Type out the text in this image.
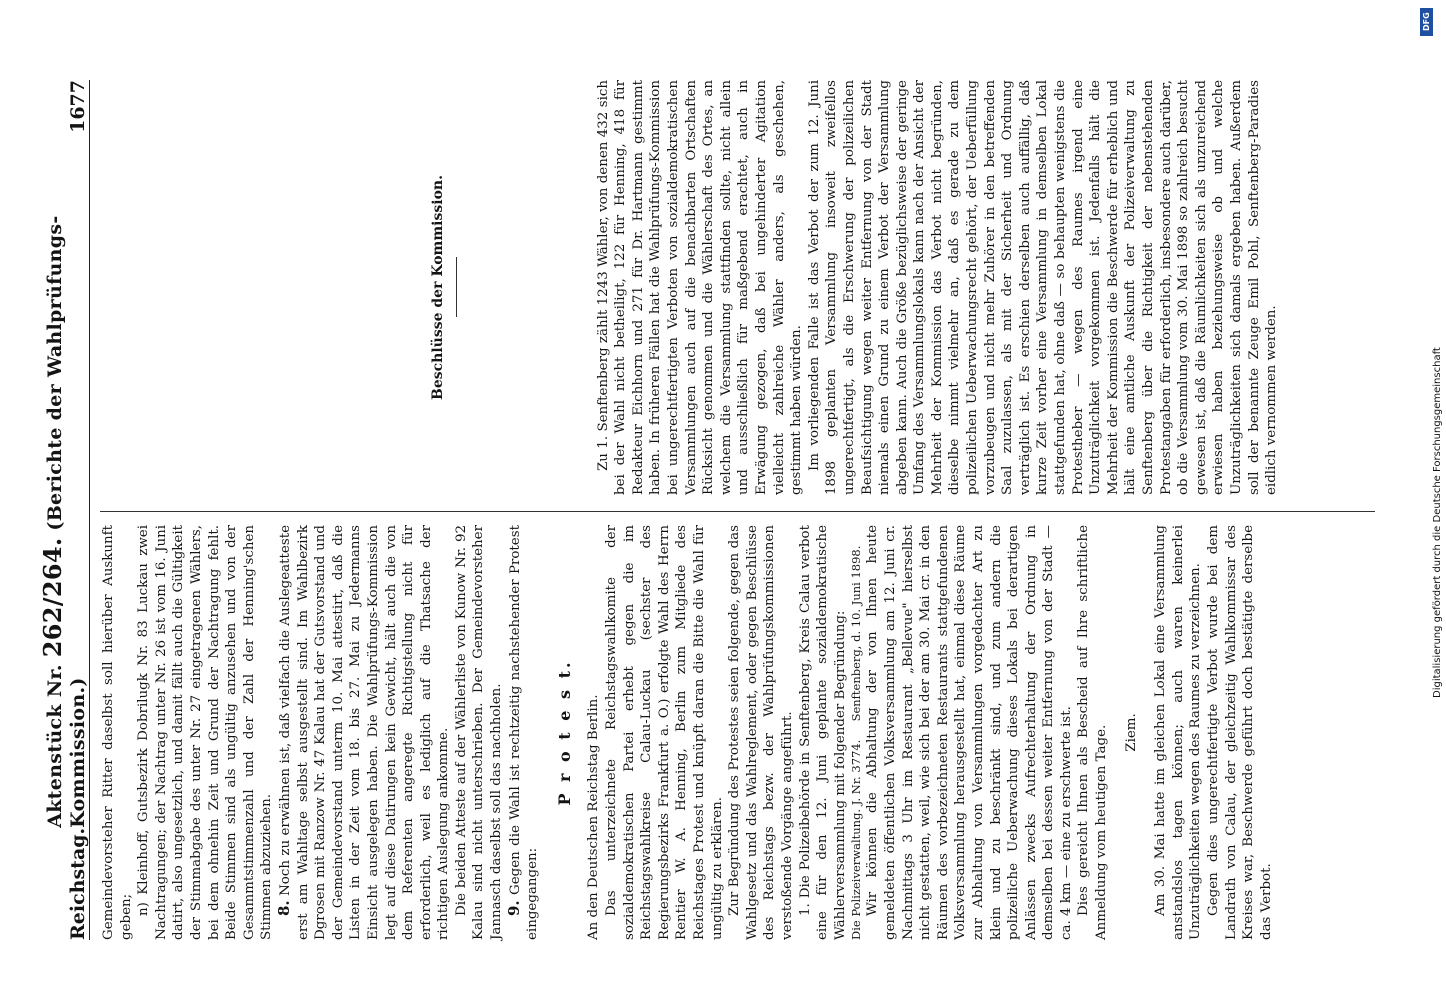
Reichstag.
Aktenstück Nr. 262/264. (Berichte der Wahlprüfungs-Kommission.)
1677

Gemeindevorsteher Ritter daselbst soll hierüber Auskunft geben;

n) Kleinhoff, Gutsbezirk Dobrilugk Nr. 83 Luckau zwei Nachtragungen; der Nachtrag unter Nr. 26 ist vom 16. Juni datirt, also ungesetzlich, und damit fällt auch die Gültigkeit der Stimmabgabe des unter Nr. 27 eingetragenen Wählers, bei dem ohnehin Zeit und Grund der Nachtragung fehlt. Beide Stimmen sind als ungültig anzusehen und von der Gesammtstimmenzahl und der Zahl der Henning'schen Stimmen abzuziehen. 8. Noch zu erwähnen ist, daß vielfach die Auslegeatteste erst am Wahltage selbst ausgestellt sind. Im Wahlbezirk Dgrosen mit Ranzow Nr. 47 Kalau hat der Gutsvorstand und der Gemeindevorstand unterm 10. Mai attestirt, daß die Listen in der Zeit vom 18. bis 27. Mai zu Jedermanns Einsicht ausgelegen haben. Die Wahlprüfungs-Kommission legt auf diese Datirungen kein Gewicht, hält auch die von dem Referenten angeregte Richtigstellung nicht für erforderlich, weil es lediglich auf die Thatsache der richtigen Auslegung ankomme. Die beiden Atteste auf der Wählerliste von Kunow Nr. 92 Kalau sind nicht unterschrieben. Der Gemeindevorsteher Jannasch daselbst soll das nachholen. 9. Gegen die Wahl ist rechtzeitig nachstehender Protest eingegangen:

P r o t e s t. An den Deutschen Reichstag Berlin. Das unterzeichnete Reichstagswahlkomite der sozialdemokratischen Partei erhebt gegen die im Reichstagswahlkreise Calau-Luckau (sechster des Regierungsbezirks Frankfurt a. O.) erfolgte Wahl des Herrn Rentier W. A. Henning, Berlin zum Mitgliede des Reichstages Protest und knüpft daran die Bitte die Wahl für ungültig zu erklären. Zur Begründung des Protestes seien folgende, gegen das Wahlgesetz und das Wahlreglement, oder gegen Beschlüsse des Reichstags bezw. der Wahlprüfungskommissionen verstoßende Vorgänge angeführt. 1. Die Polizeibehörde in Senftenberg, Kreis Calau verbot eine für den 12. Juni geplante sozialdemokratische Wählerversammlung mit folgender Begründung: Die Polizeiverwaltung. J. Nr. 3774.     Senftenberg, d. 10. Juni 1898. Wir können die Abhaltung der von Ihnen heute gemeldeten öffentlichen Volksversammlung am 12. Juni cr. Nachmittags 3 Uhr im Restaurant „Bellevue" hierselbst nicht gestatten, weil, wie sich bei der am 30. Mai cr. in den Räumen des vorbezeichneten Restaurants stattgefundenen Volksversammlung herausgestellt hat, einmal diese Räume zur Abhaltung von Versammlungen vorgedachter Art zu klein und zu beschränkt sind, und zum andern die polizeiliche Ueberwachung dieses Lokals bei derartigen Anlässen zwecks Aufrechterhaltung der Ordnung in demselben bei dessen weiter Entfernung von der Stadt — ca. 4 km — eine zu erschwerte ist. Dies gereicht Ihnen als Bescheid auf Ihre schriftliche Anmeldung vom heutigen Tage. Ziem. Am 30. Mai hatte im gleichen Lokal eine Versammlung anstandslos tagen können; auch waren keinerlei Unzuträglichkeiten wegen des Raumes zu verzeichnen. Gegen dies ungerechtfertigte Verbot wurde bei dem Landrath von Calau, der gleichzeitig Wahlkommissar des Kreises war, Beschwerde geführt doch bestätigte derselbe das Verbot.

Beschlüsse der Kommission.	Zu 1. Senftenberg zählt 1243 Wähler, von denen 432 sich bei der Wahl nicht betheiligt, 122 für Henning, 418 für Redakteur Eichhorn und 271 für Dr. Hartmann gestimmt haben. In früheren Fällen hat die Wahlprüfungs-Kommission bei ungerechtfertigten Verboten von sozialdemokratischen Versammlungen auch auf die benachbarten Ortschaften Rücksicht genommen und die Wählerschaft des Ortes, an welchem die Versammlung stattfinden sollte, nicht allein und ausschließlich für maßgebend erachtet, auch in Erwägung gezogen, daß bei ungehinderter Agitation vielleicht zahlreiche Wähler anders, als geschehen, gestimmt haben würden. Im vorliegenden Falle ist das Verbot der zum 12. Juni 1898 geplanten Versammlung insoweit zweifellos ungerechtfertigt, als die Erschwerung der polizeilichen Beaufsichtigung wegen weiter Entfernung von der Stadt niemals einen Grund zu einem Verbot der Versammlung abgeben kann. Auch die Größe bezüglichsweise der geringe Umfang des Versammlungslokals kann nach der Ansicht der Mehrheit der Kommission das Verbot nicht begründen, dieselbe nimmt vielmehr an, daß es gerade zu dem polizeilichen Ueberwachungsrecht gehört, der Ueberfüllung vorzubeugen und nicht mehr Zuhörer in den betreffenden Saal zuzulassen, als mit der Sicherheit und Ordnung verträglich ist. Es erschien derselben auch auffällig, daß kurze Zeit vorher eine Versammlung in demselben Lokal stattgefunden hat, ohne daß — so behaupten wenigstens die Protestheber — wegen des Raumes irgend eine Unzuträglichkeit vorgekommen ist. Jedenfalls hält die Mehrheit der Kommission die Beschwerde für erheblich und hält eine amtliche Auskunft der Polizeiverwaltung zu Senftenberg über die Richtigkeit der nebenstehenden Protestangaben für erforderlich, insbesondere auch darüber, ob die Versammlung vom 30. Mai 1898 so zahlreich besucht gewesen ist, daß die Räumlichkeiten sich als unzureichend erwiesen haben beziehungsweise ob und welche Unzuträglichkeiten sich damals ergeben haben. Außerdem soll der benannte Zeuge Emil Pohl, Senftenberg-Paradies eidlich vernommen werden.

DFG
Digitalisierung gefördert durch die Deutsche Forschungsgemeinschaft
